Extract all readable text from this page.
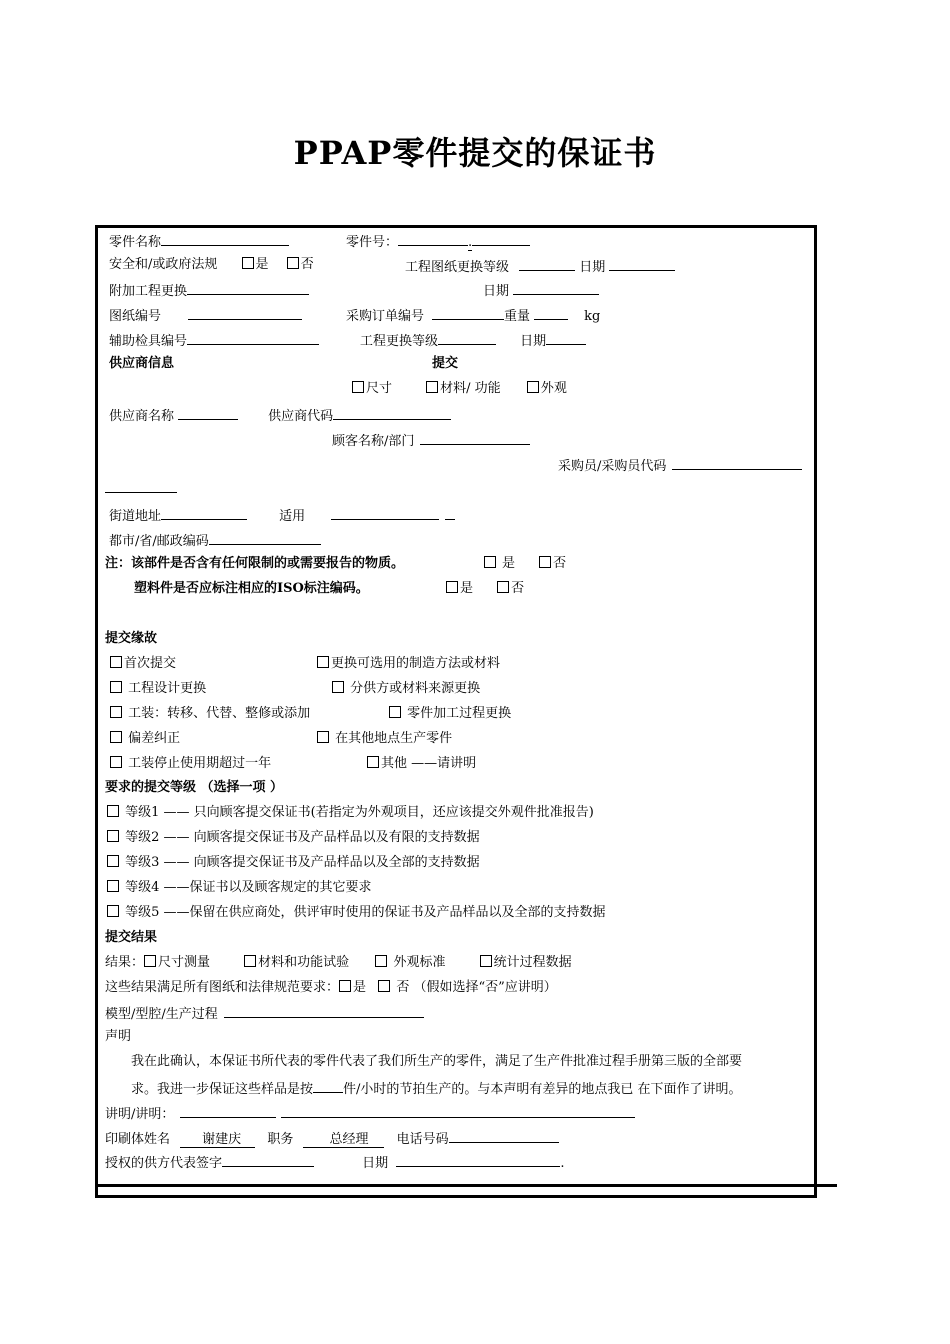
PPAP零件提交的保证书
零件名称	零件号：	.
安全和/或政府法规	是 否	工程图纸更换等级	日期
附加工程更换	日期
图纸编号	采购订单编号	重量	kg
辅助检具编号	工程更换等级	日期
供应商信息	提交
尺寸	材料/ 功能	外观
供应商名称	供应商代码
顾客名称/部门
采购员/采购员代码
街道地址	适用
都市/省/邮政编码
注：该部件是否含有任何限制的或需要报告的物质。	是	否
塑料件是否应标注相应的ISO标注编码。	是	否
提交缘故
首次提交	更换可选用的制造方法或材料
工程设计更换	分供方或材料来源更换
工装：转移、代替、整修或添加	零件加工过程更换
偏差纠正	在其他地点生产零件
工装停止使用期超过一年	其他 ——请讲明
要求的提交等级 （选择一项 ）
等级1 —— 只向顾客提交保证书(若指定为外观项目，还应该提交外观件批准报告)
等级2 —— 向顾客提交保证书及产品样品以及有限的支持数据
等级3 —— 向顾客提交保证书及产品样品以及全部的支持数据
等级4 ——保证书以及顾客规定的其它要求
等级5 ——保留在供应商处，供评审时使用的保证书及产品样品以及全部的支持数据
提交结果
结果： 尺寸测量	材料和功能试验	外观标准	统计过程数据
这些结果满足所有图纸和法律规范要求： 是 否 （假如选择“否”应讲明）
模型/型腔/生产过程
声明
我在此确认，本保证书所代表的零件代表了我们所生产的零件，满足了生产件批准过程手册第三版的全部要
求。我进一步保证这些样品是按 件/小时的节拍生产的。与本声明有差异的地点我已 在下面作了讲明。
讲明/讲明：
印刷体姓名 谢建庆 职务	总经理 电话号码
授权的供方代表签字	日期	.
